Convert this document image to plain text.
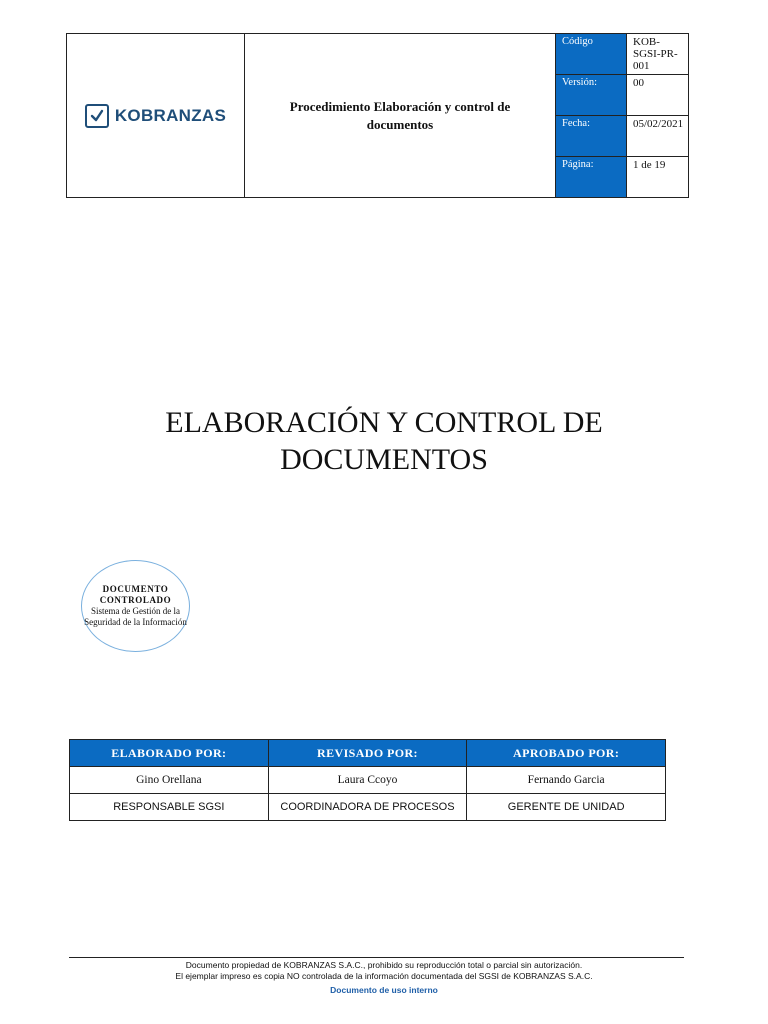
KOBRANZAS	Procedimiento Elaboración y control de documentos	Código	KOB-SGSI-PR-001
		Versión:	00
		Fecha:	05/02/2021
		Página:	1 de 19
ELABORACIÓN Y CONTROL DE
DOCUMENTOS
DOCUMENTO
CONTROLADO
Sistema de Gestión de la Seguridad de la Información
ELABORADO POR:	REVISADO POR:	APROBADO POR:
Gino Orellana	Laura Ccoyo	Fernando Garcia
RESPONSABLE SGSI	COORDINADORA DE PROCESOS	GERENTE DE UNIDAD
Documento propiedad de KOBRANZAS S.A.C., prohibido su reproducción total o parcial sin autorización.
El ejemplar impreso es copia NO controlada de la información documentada del SGSI de KOBRANZAS S.A.C.
Documento de uso interno
